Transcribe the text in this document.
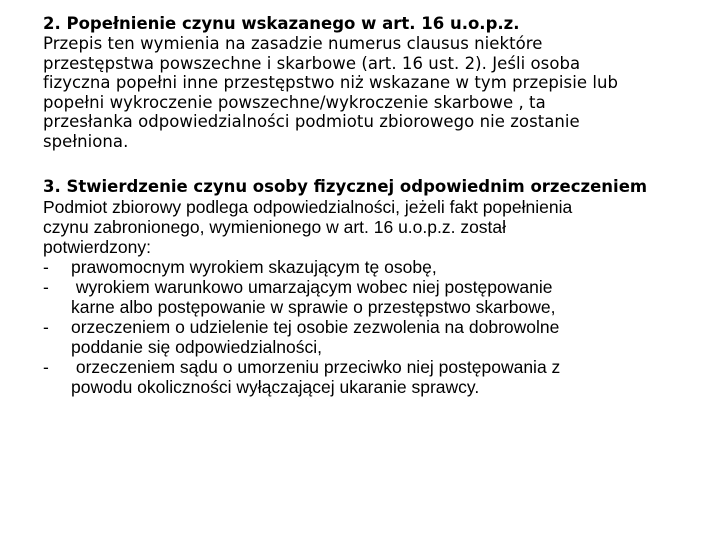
2. Popełnienie czynu wskazanego w art. 16 u.o.p.z.

Przepis ten wymienia na zasadzie numerus clausus niektóre
przestępstwa powszechne i skarbowe (art. 16 ust. 2). Jeśli osoba
fizyczna popełni inne przestępstwo niż wskazane w tym przepisie lub
popełni wykroczenie powszechne/wykroczenie skarbowe , ta
przesłanka odpowiedzialności podmiotu zbiorowego nie zostanie
spełniona.

3. Stwierdzenie czynu osoby fizycznej odpowiednim orzeczeniem

Podmiot zbiorowy podlega odpowiedzialności, jeżeli fakt popełnienia
czynu zabronionego, wymienionego w art. 16 u.o.p.z. został
potwierdzony:

-	prawomocnym wyrokiem skazującym tę osobę,
-	wyrokiem warunkowo umarzającym wobec niej postępowanie
karne albo postępowanie w sprawie o przestępstwo skarbowe,
-	orzeczeniem o udzielenie tej osobie zezwolenia na dobrowolne
poddanie się odpowiedzialności,
-	orzeczeniem sądu o umorzeniu przeciwko niej postępowania z
powodu okoliczności wyłączającej ukaranie sprawcy.
